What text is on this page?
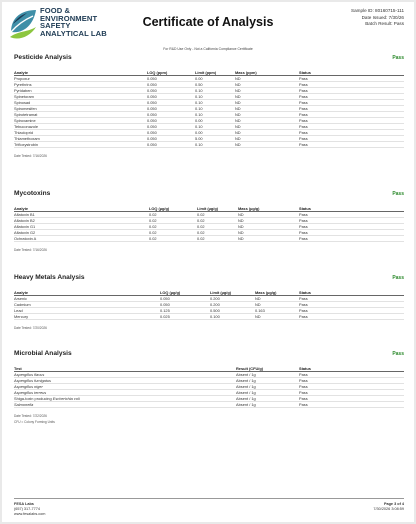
FOOD &
ENVIRONMENT
SAFETY
ANALYTICAL LAB
Certificate of Analysis
Sample ID: 80160715-111
Date Issued: 7/30/26
Batch Result: Pass
For R&D Use Only - Not a California Compliance Certificate
Pesticide Analysis	Pass
Analyte	LOQ (ppm)	Limit (ppm)	Mass (ppm)	Status
Propoxur	0.050	0.00	ND	Pass
Pyrethrins	0.050	0.50	ND	Pass
Pyridaben	0.050	0.10	ND	Pass
Spinetoram	0.050	0.10	ND	Pass
Spinosad	0.050	0.10	ND	Pass
Spiromesifen	0.050	0.10	ND	Pass
Spirotetramat	0.050	0.10	ND	Pass
Spiroxamine	0.050	0.00	ND	Pass
Tebuconazole	0.050	0.10	ND	Pass
Thiacloprid	0.050	0.00	ND	Pass
Thiamethoxam	0.050	5.00	ND	Pass
Trifloxystrobin	0.050	0.10	ND	Pass
Date Tested: 7/16/2026
Mycotoxins	Pass
Analyte	LOQ (µg/g)	Limit (µg/g)	Mass (µg/g)	Status
Aflatoxin B1	0.02	0.02	ND	Pass
Aflatoxin B2	0.02	0.02	ND	Pass
Aflatoxin G1	0.02	0.02	ND	Pass
Aflatoxin G2	0.02	0.02	ND	Pass
Ochratoxin A	0.02	0.02	ND	Pass
Date Tested: 7/16/2026
Heavy Metals Analysis	Pass
Analyte	LOQ (µg/g)	Limit (µg/g)	Mass (µg/g)	Status
Arsenic	0.050	0.200	ND	Pass
Cadmium	0.050	0.200	ND	Pass
Lead	0.125	0.500	0.163	Pass
Mercury	0.025	0.100	ND	Pass
Date Tested: 7/20/2026
Microbial Analysis	Pass
Test	Result (CFU/g)	Status
Aspergillus flavus	Absent / 1g	Pass
Aspergillus fumigatus	Absent / 1g	Pass
Aspergillus niger	Absent / 1g	Pass
Aspergillus terreus	Absent / 1g	Pass
Shiga-toxin producing Escherichia coli	Absent / 1g	Pass
Salmonella	Absent / 1g	Pass
Date Tested: 7/22/2026
CFU = Colony Forming Units
FESA Labs
(657) 317-7774
www.fesalabs.com
Page 3 of 4
7/30/2026 3:08:59
